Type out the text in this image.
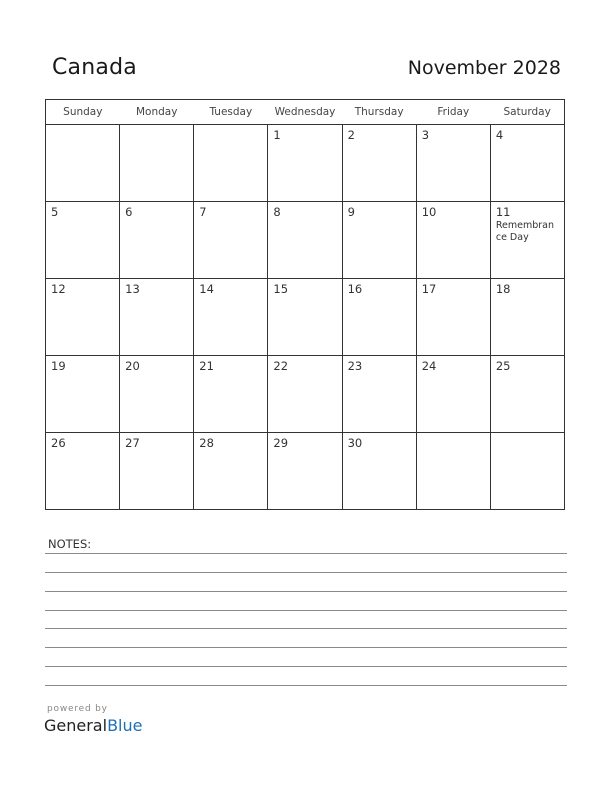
Canada	November 2028
Sunday	Monday	Tuesday	Wednesday	Thursday	Friday	Saturday

			1	2	3	4

5	6	7	8	9	10	11
Remembrance Day

12	13	14	15	16	17	18

19	20	21	22	23	24	25

26	27	28	29	30		

NOTES:
powered by
GeneralBlue
